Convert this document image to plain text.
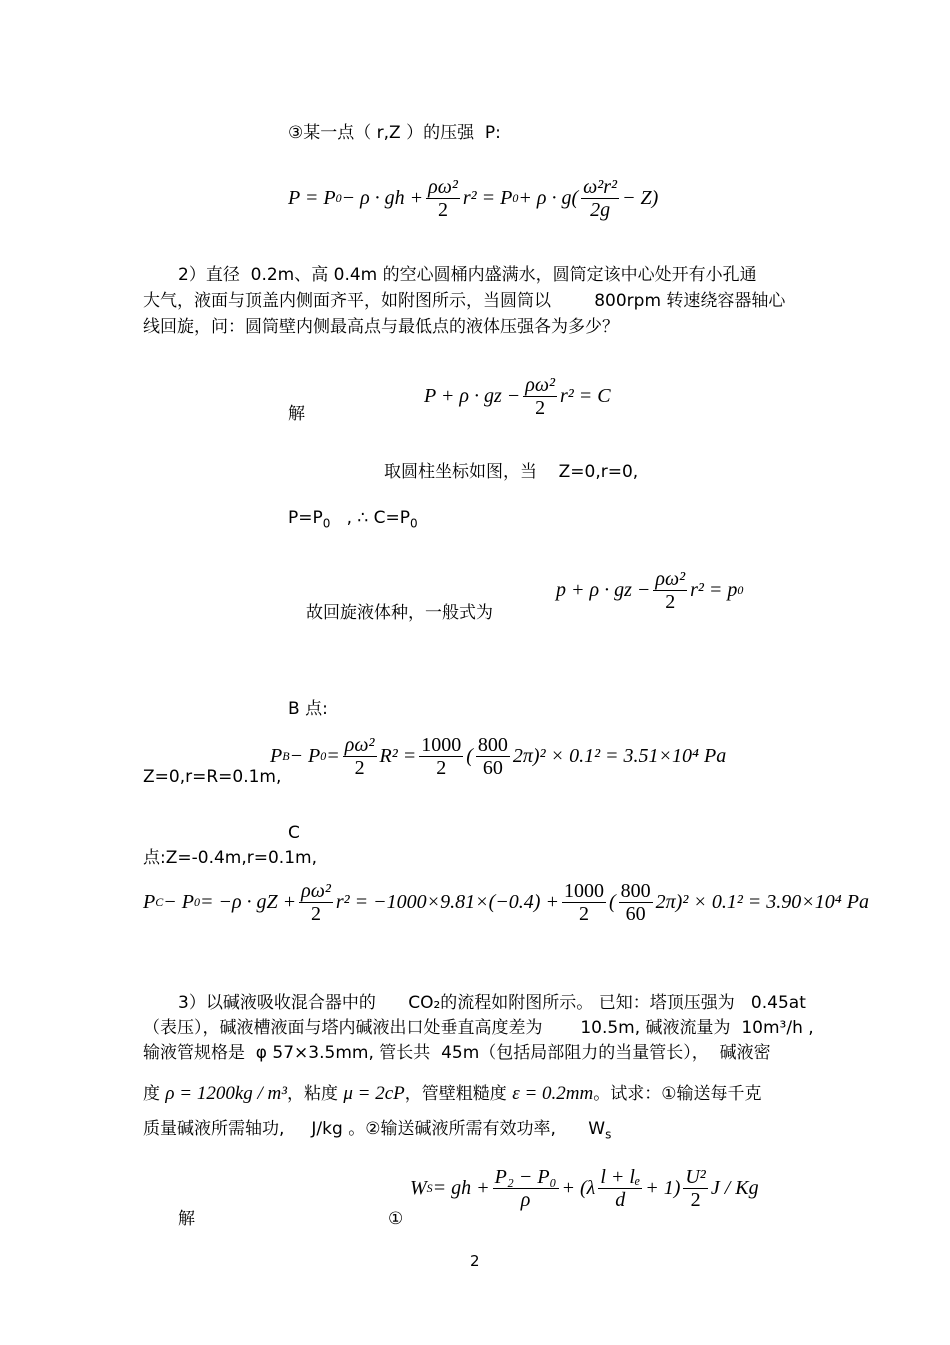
③某一点（ r,Z ）的压强  P:
P = P 0 − ρ · gh + $\frac{\text{ρω²}}{2} r^2 = P$ $0 + \rho \cdot g( \frac{\text{ω²r²}}{2g} - Z)$
2）直径  0.2m、高 0.4m 的空心圆桶内盛满水，圆筒定该中心处开有小孔通
大气，液面与顶盖内侧面齐平，如附图所示，当圆筒以        800rpm 转速绕容器轴心
线回旋，问：圆筒壁内侧最高点与最低点的液体压强各为多少？
解
P + ρ · gz − $\frac{\text{ρω²}}{2} r^2 = C$
取圆柱坐标如图，当    Z=0,r=0,
$P=P_0$   , ∴ $C=P_0$
故回旋液体种，一般式为
p + ρ · gz − $\frac{\text{ρω²}}{2} r^2 = p$ 0
B 点:
Z=0,r=R=0.1m,
P B − P $0 = \frac{\text{ρω²}}{2} R^2 = \frac{1000}{2}$ ( $\frac{800}{60} 2\pi)^2 \times 0.1^2 = 3.51\times 10^4$ Pa
C
点:Z=-0.4m,r=0.1m,
P C − P 0 = −ρ · gZ + $\frac{\text{ρω²}}{2} r^2 = -1000\times 9.81\times(-0.4) + \frac{1000}{2}$ ( $\frac{800}{60} 2\pi)^2 \times 0.1^2 = 3.90\times 10^4$ Pa
3）以碱液吸收混合器中的      CO₂的流程如附图所示。 已知：塔顶压强为   0.45at
（表压），碱液槽液面与塔内碱液出口处垂直高度差为       10.5m, 碱液流量为  10m³/h ,
输液管规格是  φ 57×3.5mm, 管长共  45m（包括局部阻力的当量管长），  碱液密
度 ρ = 1200kg / m³ ，粘度 μ = 2cP ，管壁粗糙度 ε = 0.2mm 。试求：①输送每千克
质量碱液所需轴功,     J/kg 。②输送碱液所需有效功率,      $W_s$
解	①
W S = gh + $\frac{\text{P₂ − P₀}}{\rho} + (\lambda \frac{\text{l + lₑ}}{d} + 1) \frac{\text{U²}}{2}$ J / Kg
2
